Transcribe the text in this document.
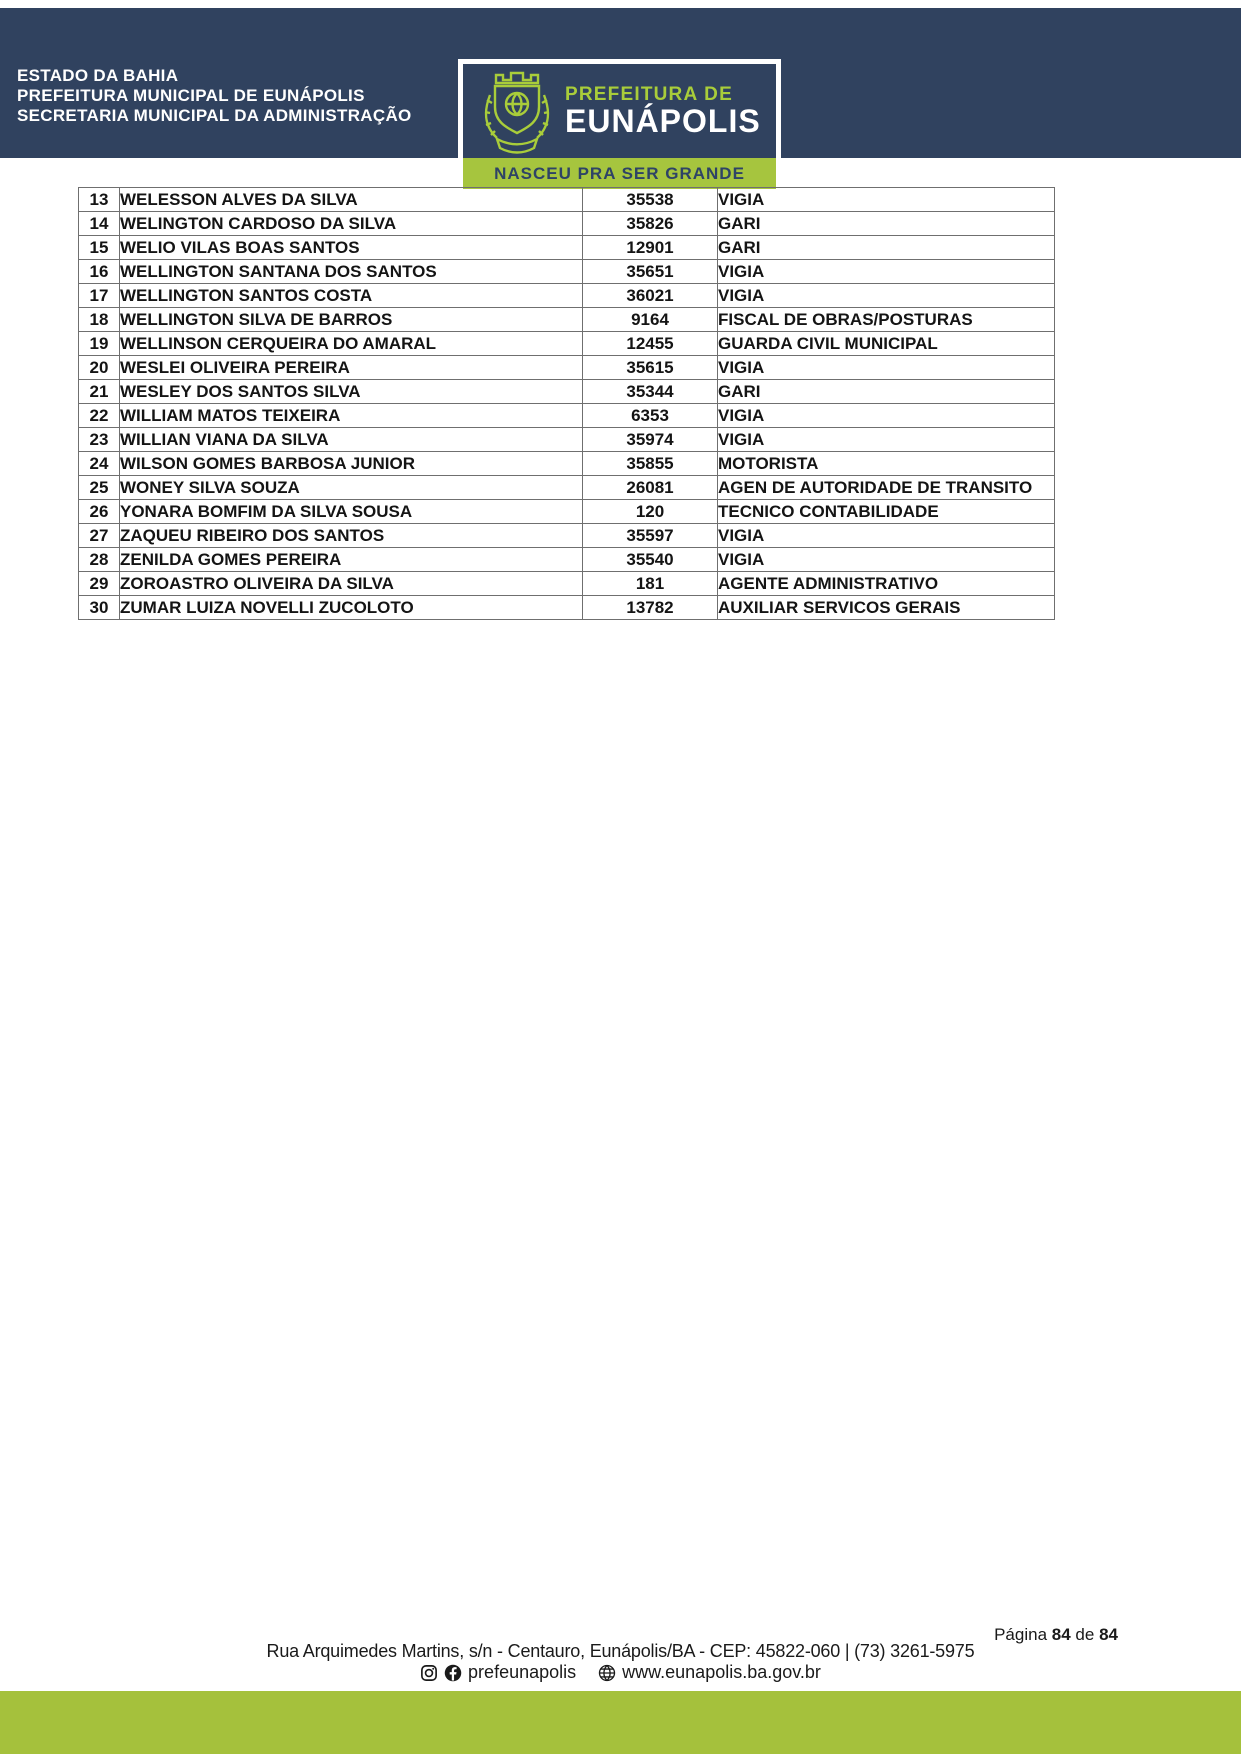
ESTADO DA BAHIA
PREFEITURA MUNICIPAL DE EUNÁPOLIS
SECRETARIA MUNICIPAL DA ADMINISTRAÇÃO
PREFEITURA DE
EUNÁPOLIS
NASCEU PRA SER GRANDE
13	WELESSON ALVES DA SILVA	35538	VIGIA
14	WELINGTON CARDOSO DA SILVA	35826	GARI
15	WELIO VILAS BOAS SANTOS	12901	GARI
16	WELLINGTON SANTANA DOS SANTOS	35651	VIGIA
17	WELLINGTON SANTOS COSTA	36021	VIGIA
18	WELLINGTON SILVA DE BARROS	9164	FISCAL DE OBRAS/POSTURAS
19	WELLINSON CERQUEIRA DO AMARAL	12455	GUARDA CIVIL MUNICIPAL
20	WESLEI OLIVEIRA PEREIRA	35615	VIGIA
21	WESLEY DOS SANTOS SILVA	35344	GARI
22	WILLIAM MATOS TEIXEIRA	6353	VIGIA
23	WILLIAN VIANA DA SILVA	35974	VIGIA
24	WILSON GOMES BARBOSA JUNIOR	35855	MOTORISTA
25	WONEY SILVA SOUZA	26081	AGEN DE AUTORIDADE DE TRANSITO
26	YONARA BOMFIM DA SILVA SOUSA	120	TECNICO CONTABILIDADE
27	ZAQUEU RIBEIRO DOS SANTOS	35597	VIGIA
28	ZENILDA GOMES PEREIRA	35540	VIGIA
29	ZOROASTRO OLIVEIRA DA SILVA	181	AGENTE ADMINISTRATIVO
30	ZUMAR LUIZA NOVELLI ZUCOLOTO	13782	AUXILIAR SERVICOS GERAIS
Página 84 de 84
Rua Arquimedes Martins, s/n - Centauro, Eunápolis/BA - CEP: 45822-060 | (73) 3261-5975
prefeunapolis	www.eunapolis.ba.gov.br
